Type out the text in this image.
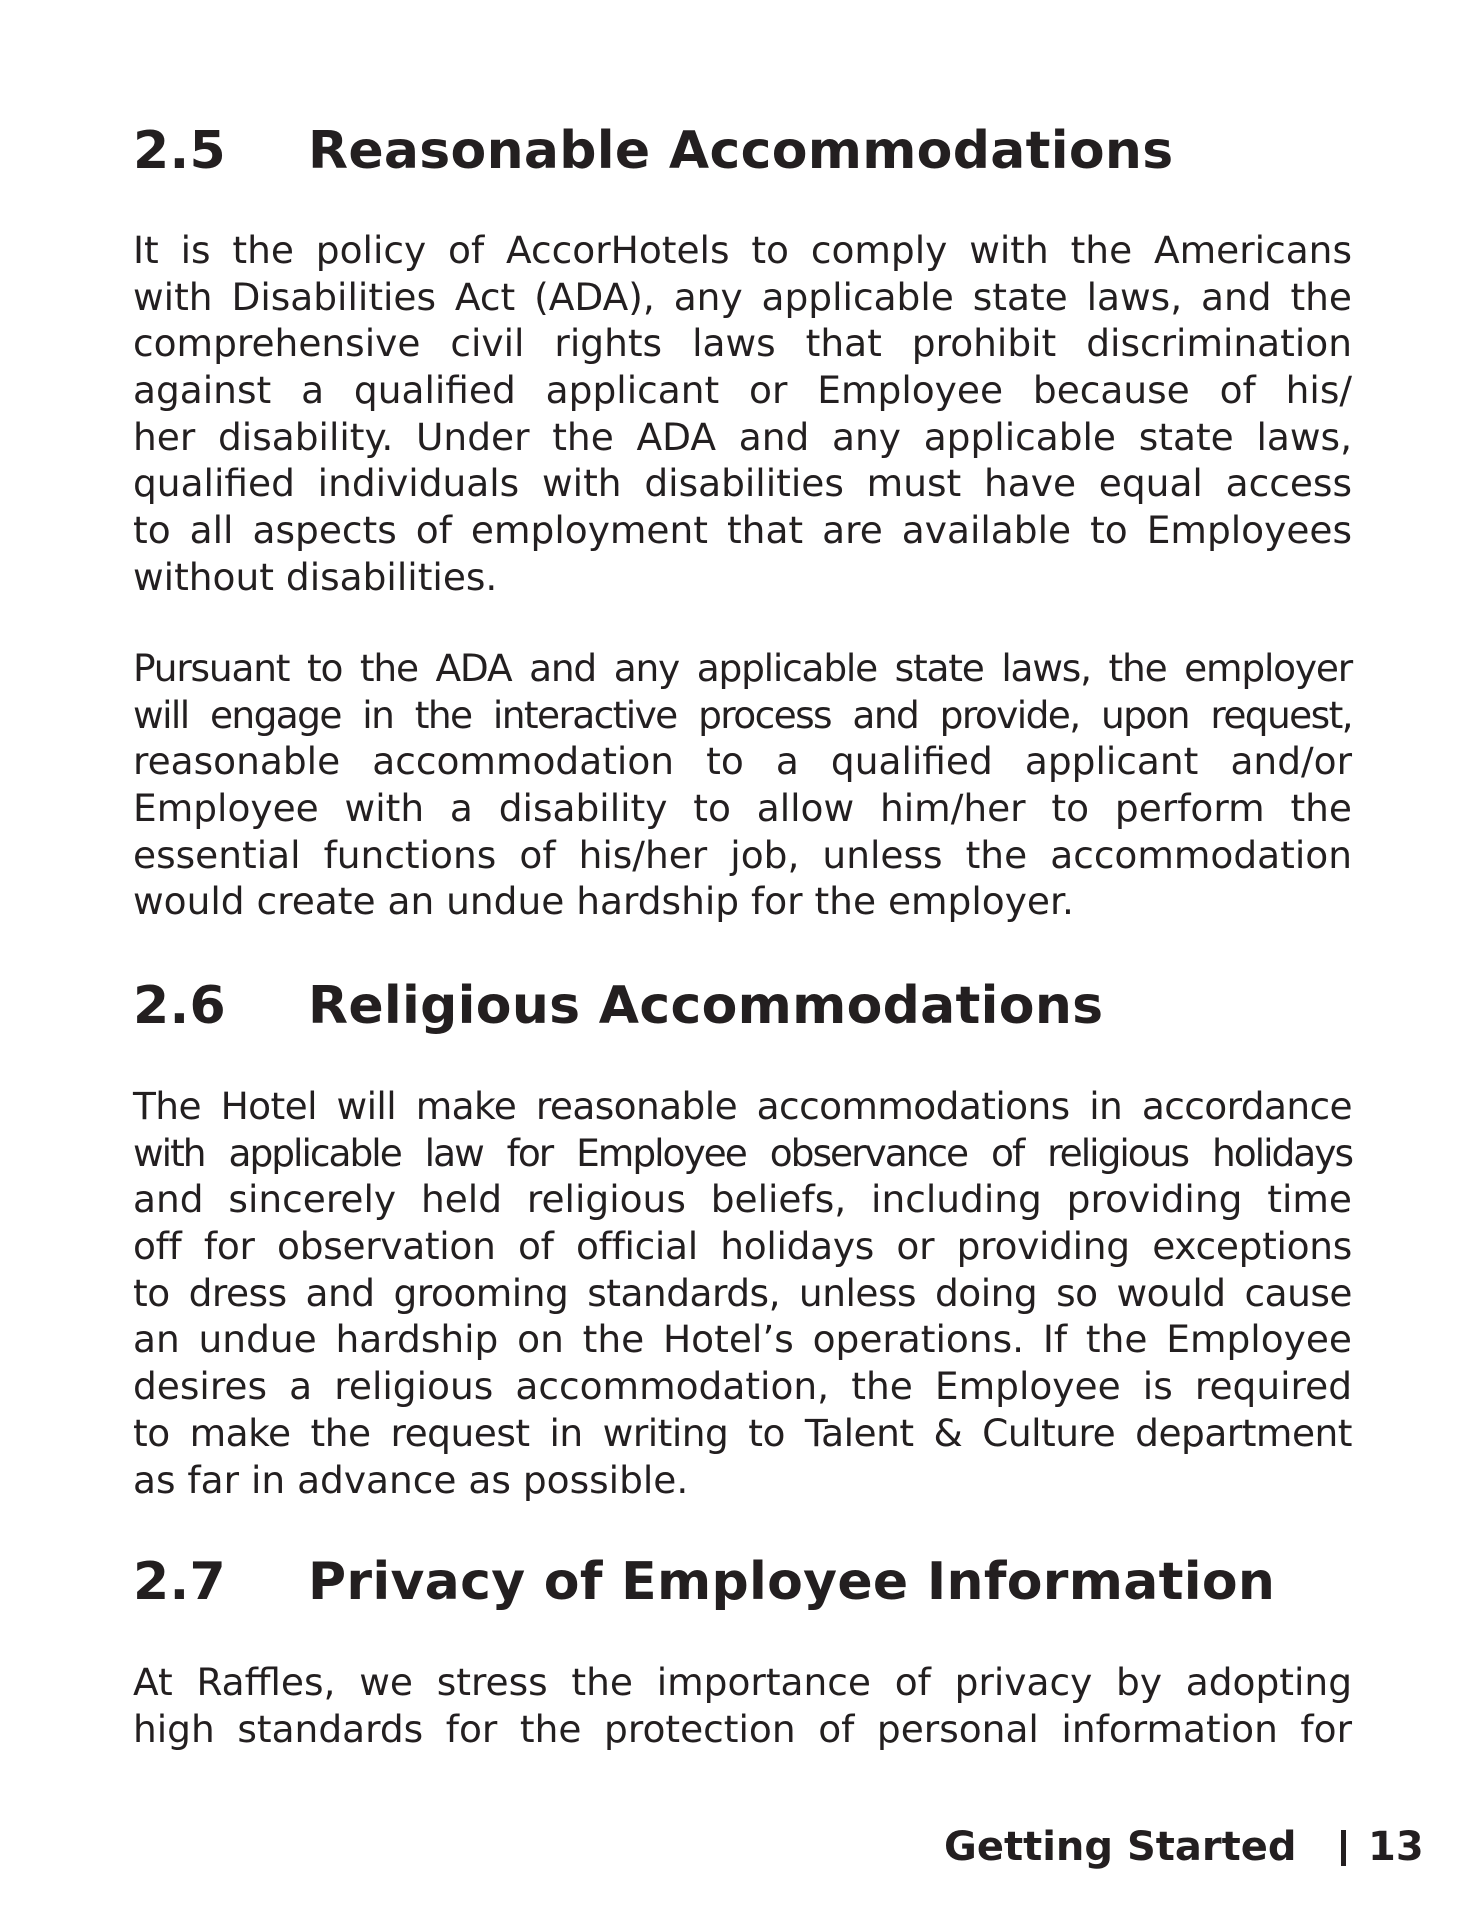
2.5 Reasonable Accommodations
It is the policy of AccorHotels to comply with the Americans
with Disabilities Act (ADA), any applicable state laws, and the
comprehensive civil rights laws that prohibit discrimination
against a qualified applicant or Employee because of his/
her disability. Under the ADA and any applicable state laws,
qualified individuals with disabilities must have equal access
to all aspects of employment that are available to Employees
without disabilities.
Pursuant to the ADA and any applicable state laws, the employer
will engage in the interactive process and provide, upon request,
reasonable accommodation to a qualified applicant and/or
Employee with a disability to allow him/her to perform the
essential functions of his/her job, unless the accommodation
would create an undue hardship for the employer.
2.6 Religious Accommodations
The Hotel will make reasonable accommodations in accordance
with applicable law for Employee observance of religious holidays
and sincerely held religious beliefs, including providing time
off for observation of official holidays or providing exceptions
to dress and grooming standards, unless doing so would cause
an undue hardship on the Hotel’s operations. If the Employee
desires a religious accommodation, the Employee is required
to make the request in writing to Talent & Culture department
as far in advance as possible.
2.7 Privacy of Employee Information
At Raffles, we stress the importance of privacy by adopting
high standards for the protection of personal information for
Getting Started 13
